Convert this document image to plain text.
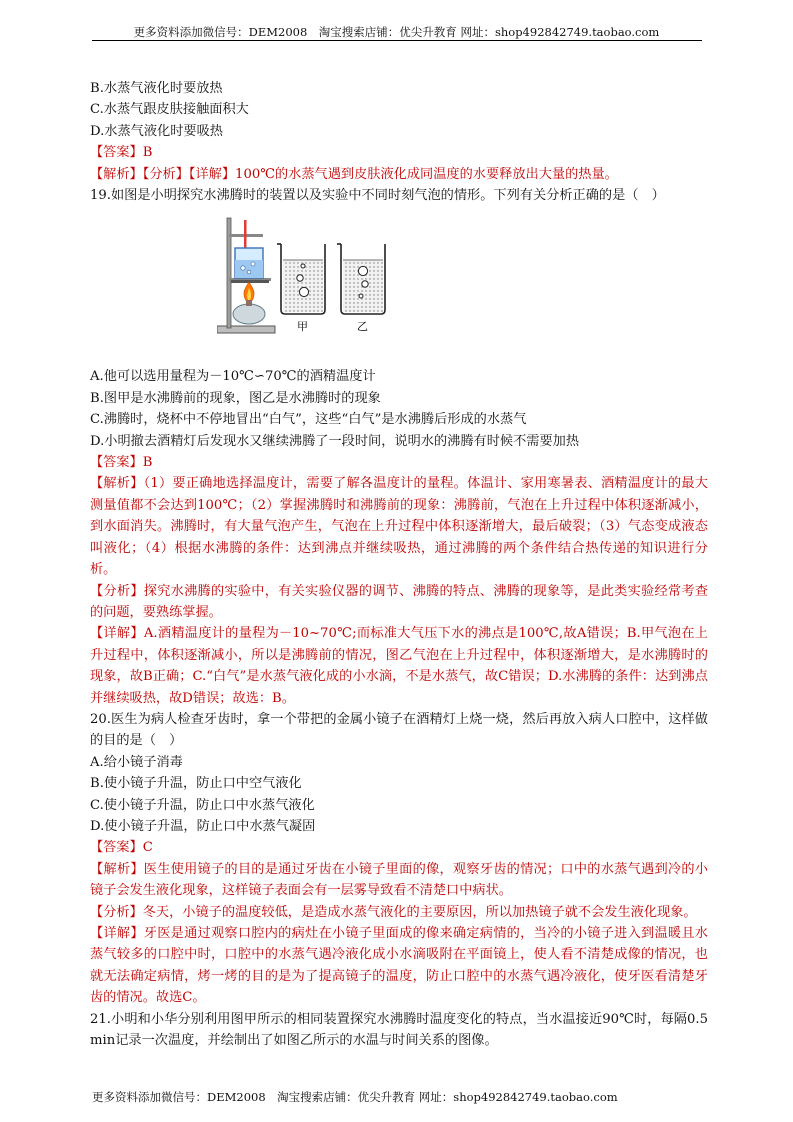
更多资料添加微信号：DEM2008　淘宝搜索店铺：优尖升教育 网址：shop492842749.taobao.com
B.水蒸气液化时要放热
C.水蒸气跟皮肤接触面积大
D.水蒸气液化时要吸热
【答案】B
【解析】【分析】【详解】100℃的水蒸气遇到皮肤液化成同温度的水要释放出大量的热量。
19.如图是小明探究水沸腾时的装置以及实验中不同时刻气泡的情形。下列有关分析正确的是（　）
甲	乙
A.他可以选用量程为－10℃∽70℃的酒精温度计
B.图甲是水沸腾前的现象，图乙是水沸腾时的现象
C.沸腾时，烧杯中不停地冒出“白气”，这些“白气”是水沸腾后形成的水蒸气
D.小明撤去酒精灯后发现水又继续沸腾了一段时间，说明水的沸腾有时候不需要加热
【答案】B
【解析】（1）要正确地选择温度计，需要了解各温度计的量程。体温计、家用寒暑表、酒精温度计的最大测量值都不会达到100℃；（2）掌握沸腾时和沸腾前的现象：沸腾前，气泡在上升过程中体积逐渐减小，到水面消失。沸腾时，有大量气泡产生，气泡在上升过程中体积逐渐增大，最后破裂；（3）气态变成液态叫液化；（4）根据水沸腾的条件：达到沸点并继续吸热，通过沸腾的两个条件结合热传递的知识进行分析。
【分析】探究水沸腾的实验中，有关实验仪器的调节、沸腾的特点、沸腾的现象等，是此类实验经常考查的问题，要熟练掌握。
【详解】A.酒精温度计的量程为－10~70℃;而标准大气压下水的沸点是100℃,故A错误；B.甲气泡在上升过程中，体积逐渐减小，所以是沸腾前的情况，图乙气泡在上升过程中，体积逐渐增大，是水沸腾时的现象，故B正确；C.“白气”是水蒸气液化成的小水滴，不是水蒸气，故C错误；D.水沸腾的条件：达到沸点并继续吸热，故D错误；故选：B。
20.医生为病人检查牙齿时，拿一个带把的金属小镜子在酒精灯上烧一烧，然后再放入病人口腔中，这样做的目的是（　）
A.给小镜子消毒
B.使小镜子升温，防止口中空气液化
C.使小镜子升温，防止口中水蒸气液化
D.使小镜子升温，防止口中水蒸气凝固
【答案】C
【解析】医生使用镜子的目的是通过牙齿在小镜子里面的像，观察牙齿的情况；口中的水蒸气遇到冷的小镜子会发生液化现象，这样镜子表面会有一层雾导致看不清楚口中病状。
【分析】冬天，小镜子的温度较低，是造成水蒸气液化的主要原因，所以加热镜子就不会发生液化现象。
【详解】牙医是通过观察口腔内的病灶在小镜子里面成的像来确定病情的，当冷的小镜子进入到温暖且水蒸气较多的口腔中时，口腔中的水蒸气遇冷液化成小水滴吸附在平面镜上，使人看不清楚成像的情况，也就无法确定病情，烤一烤的目的是为了提高镜子的温度，防止口腔中的水蒸气遇冷液化，使牙医看清楚牙齿的情况。故选C。
21.小明和小华分别利用图甲所示的相同装置探究水沸腾时温度变化的特点，当水温接近90℃时，每隔0.5min记录一次温度，并绘制出了如图乙所示的水温与时间关系的图像。
更多资料添加微信号：DEM2008　淘宝搜索店铺：优尖升教育 网址：shop492842749.taobao.com
